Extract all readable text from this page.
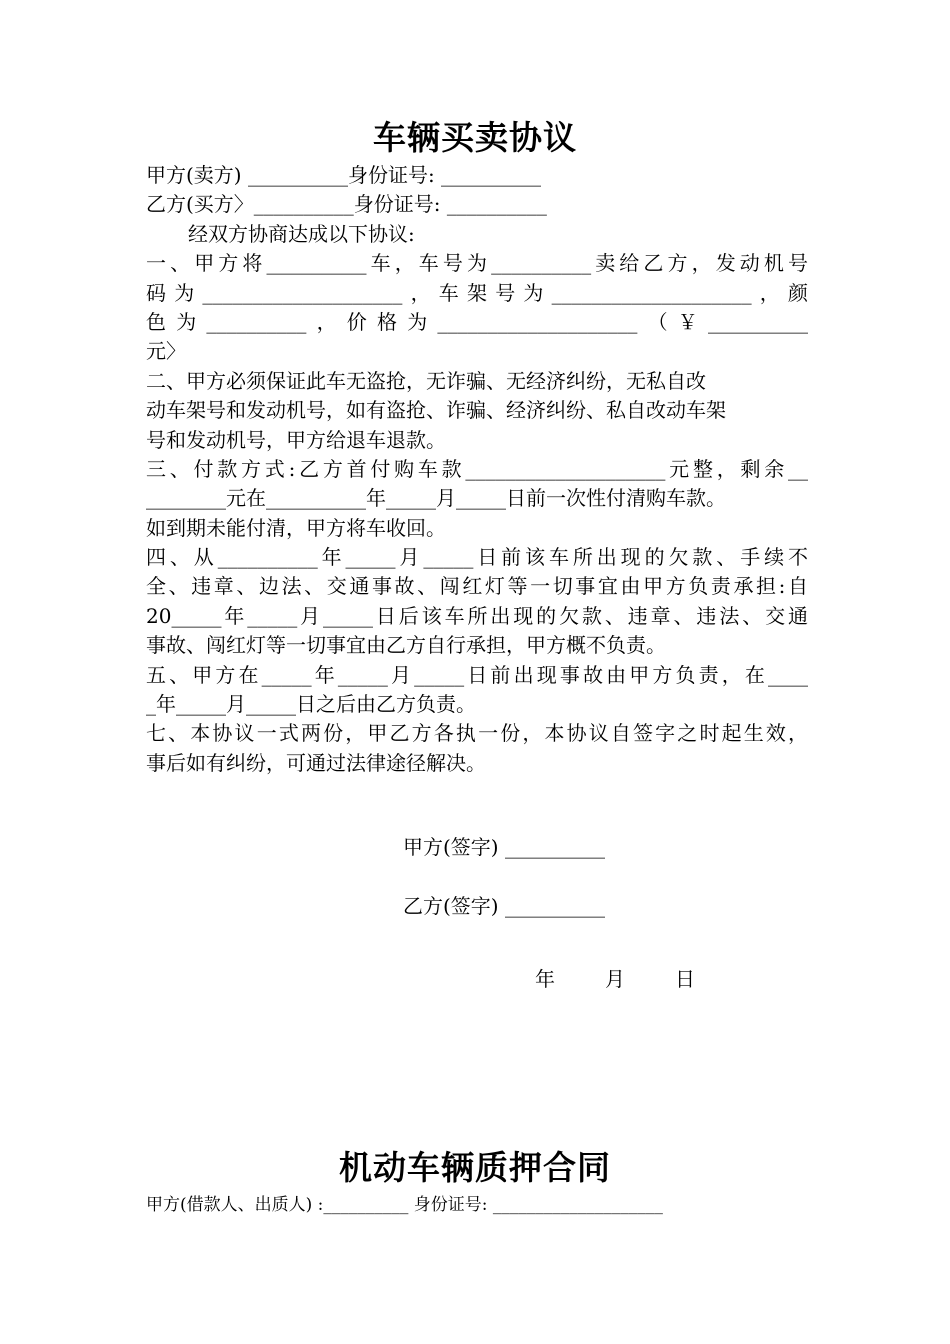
车辆买卖协议
甲方(卖方) __________身份证号: __________
乙方(买方〉__________身份证号: __________
经双方协商达成以下协议:
一、甲方将__________车，车号为__________卖给乙方，发动机号
码为____________________，车架号为____________________，颜
色为__________，价格为____________________（￥__________
元〉
二、甲方必须保证此车无盗抢，无诈骗、无经济纠纷，无私自改
动车架号和发动机号，如有盗抢、诈骗、经济纠纷、私自改动车架
号和发动机号，甲方给退车退款。
三、付款方式:乙方首付购车款____________________元整，剩余__
________元在__________年_____月_____日前一次性付清购车款。
如到期未能付清，甲方将车收回。
四、从__________年_____月_____日前该车所出现的欠款、手续不
全、违章、边法、交通事故、闯红灯等一切事宜由甲方负责承担:自
20_____年_____月_____日后该车所出现的欠款、违章、违法、交通
事故、闯红灯等一切事宜由乙方自行承担，甲方概不负责。
五、甲方在_____年_____月_____日前出现事故由甲方负责，在____
_年_____月_____日之后由乙方负责。
七、本协议一式两份，甲乙方各执一份，本协议自签字之时起生效，
事后如有纠纷，可通过法律途径解决。
甲方(签字) __________
乙方(签字) __________
年	月	日
机动车辆质押合同
甲方(借款人、出质人) :__________ 身份证号: ____________________
